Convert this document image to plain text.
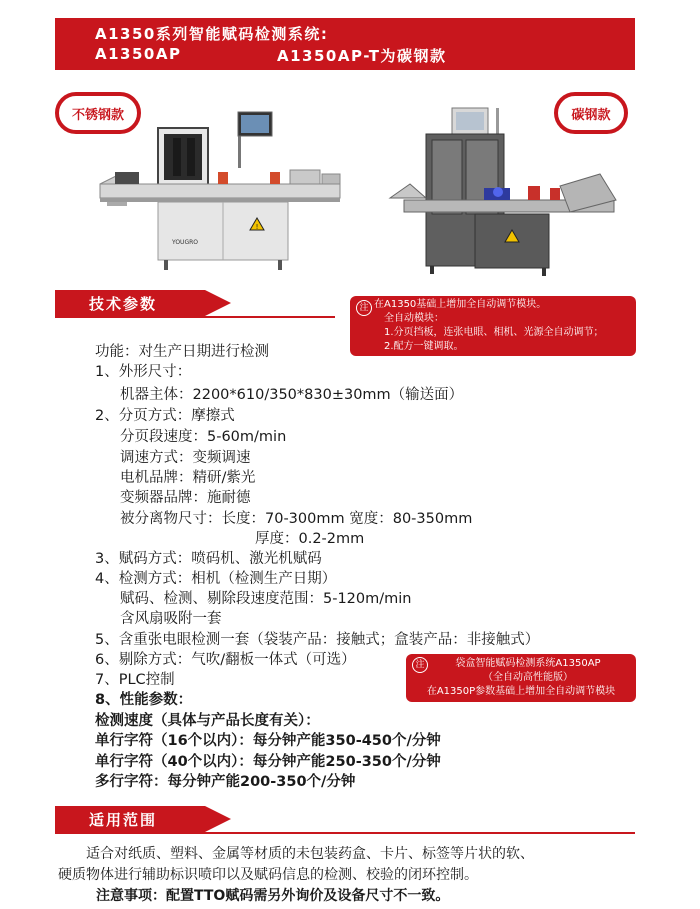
A1350系列智能赋码检测系统:
A1350AP	A1350AP-T为碳钢款
!
YOUGRO
不锈钢款	碳钢款
技术参数	注 在A1350基础上增加全自动调节模块。
全自动模块：
1.分页挡板，连张电眼、相机、光源全自动调节；
2.配方一键调取。
功能：对生产日期进行检测
1、外形尺寸：
机器主体：2200*610/350*830±30mm（输送面）
2、分页方式：摩擦式
分页段速度：5-60m/min
调速方式：变频调速
电机品牌：精研/紫光
变频器品牌：施耐德
被分离物尺寸：长度：70-300mm 宽度：80-350mm
厚度：0.2-2mm
3、赋码方式：喷码机、激光机赋码
4、检测方式：相机（检测生产日期）
赋码、检测、剔除段速度范围：5-120m/min
含风扇吸附一套
5、含重张电眼检测一套（袋装产品：接触式；盒装产品：非接触式）
6、剔除方式：气吹/翻板一体式（可选）
7、PLC控制
8、性能参数：
检测速度（具体与产品长度有关）：
单行字符（16个以内）：每分钟产能350-450个/分钟
单行字符（40个以内）：每分钟产能250-350个/分钟
多行字符：每分钟产能200-350个/分钟
注	袋盒智能赋码检测系统A1350AP
（全自动高性能版）
在A1350P参数基础上增加全自动调节模块
适用范围
适合对纸质、塑料、金属等材质的未包装药盒、卡片、标签等片状的软、
硬质物体进行辅助标识喷印以及赋码信息的检测、校验的闭环控制。
注意事项：配置TTO赋码需另外询价及设备尺寸不一致。
